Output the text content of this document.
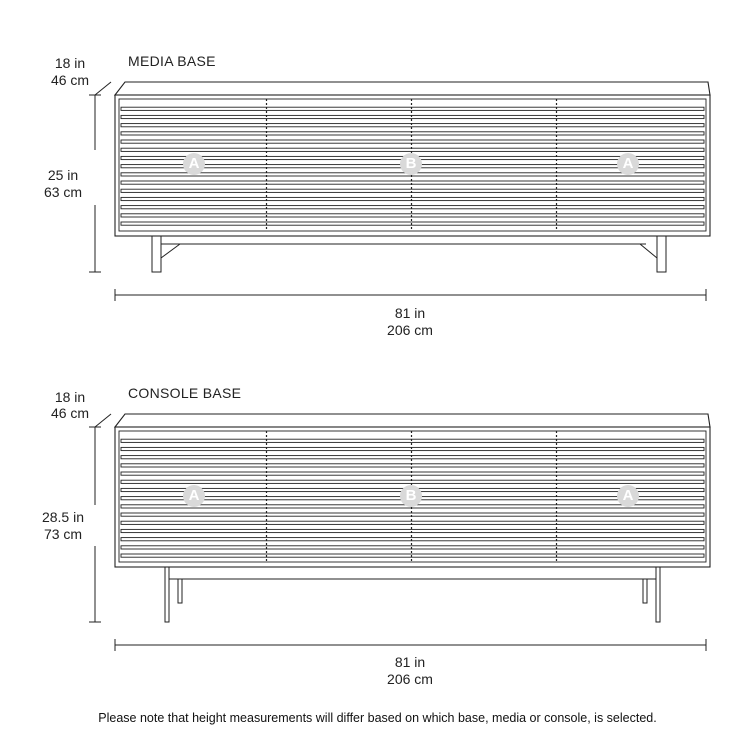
MEDIA BASE
18 in
46 cm
25 in
63 cm
81 in
206 cm
A	B	A
CONSOLE BASE
18 in
46 cm
28.5 in
73 cm
81 in
206 cm
A	B	A
Please note that height measurements will differ based on which base, media or console, is selected.
